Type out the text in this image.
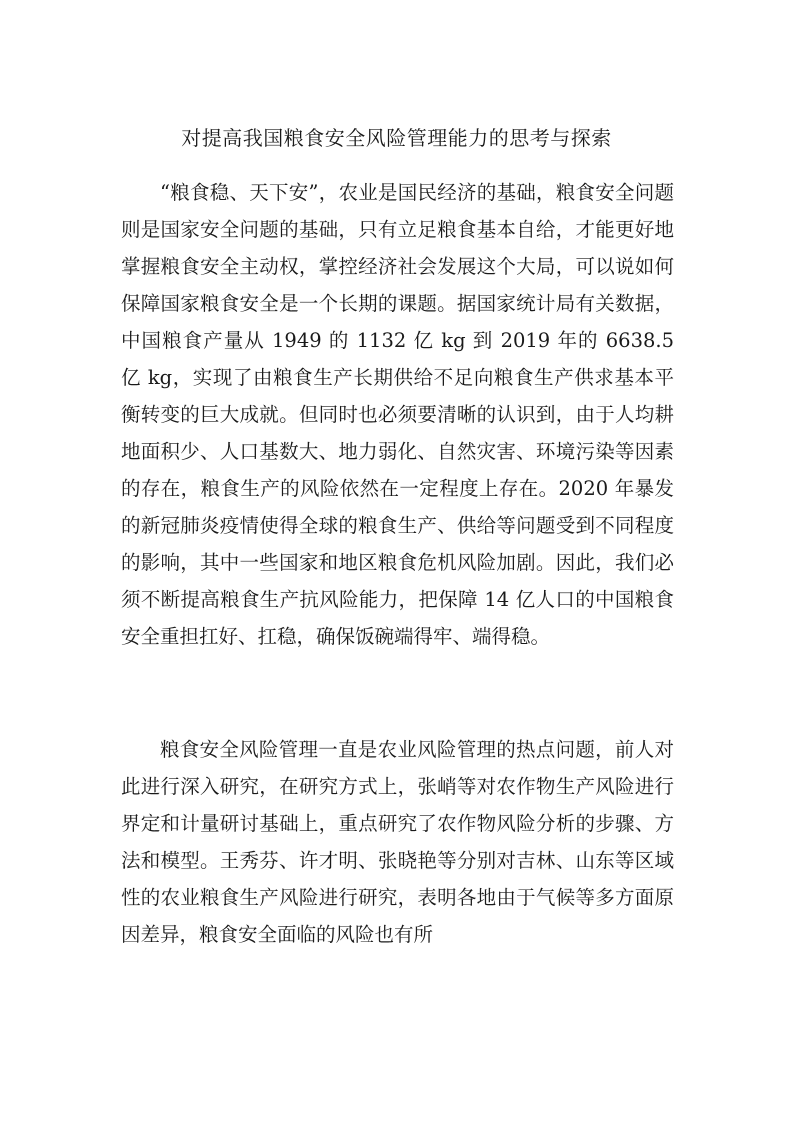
对提高我国粮食安全风险管理能力的思考与探索

“粮食稳、天下安”，农业是国民经济的基础，粮食安全问题则是国家安全问题的基础，只有立足粮食基本自给，才能更好地掌握粮食安全主动权，掌控经济社会发展这个大局，可以说如何保障国家粮食安全是一个长期的课题。据国家统计局有关数据，中国粮食产量从 1949 的 1132 亿 kg 到 2019 年的 6638.5 亿 kg，实现了由粮食生产长期供给不足向粮食生产供求基本平衡转变的巨大成就。但同时也必须要清晰的认识到，由于人均耕地面积少、人口基数大、地力弱化、自然灾害、环境污染等因素的存在，粮食生产的风险依然在一定程度上存在。2020 年暴发的新冠肺炎疫情使得全球的粮食生产、供给等问题受到不同程度的影响，其中一些国家和地区粮食危机风险加剧。因此，我们必须不断提高粮食生产抗风险能力，把保障 14 亿人口的中国粮食安全重担扛好、扛稳，确保饭碗端得牢、端得稳。

粮食安全风险管理一直是农业风险管理的热点问题，前人对此进行深入研究，在研究方式上，张峭等对农作物生产风险进行界定和计量研讨基础上，重点研究了农作物风险分析的步骤、方法和模型。王秀芬、许才明、张晓艳等分别对吉林、山东等区域性的农业粮食生产风险进行研究，表明各地由于气候等多方面原因差异，粮食安全面临的风险也有所
